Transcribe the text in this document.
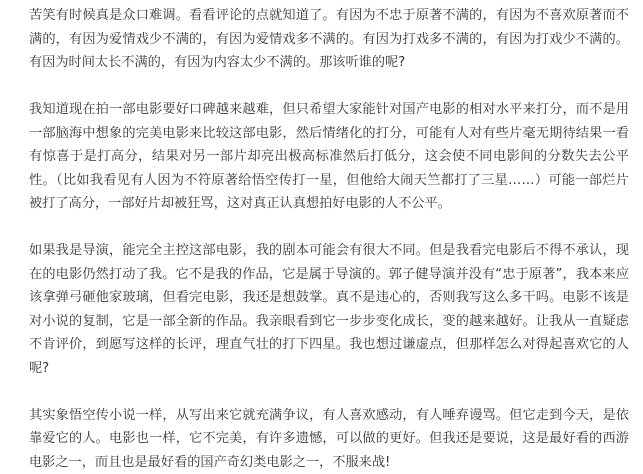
苦笑有时候真是众口难调。看看评论的点就知道了。有因为不忠于原著不满的，有因为不喜欢原著而不满的，有因为爱情戏少不满的，有因为爱情戏多不满的。有因为打戏多不满的，有因为打戏少不满的。有因为时间太长不满的，有因为内容太少不满的。那该听谁的呢?

我知道现在拍一部电影要好口碑越来越难，但只希望大家能针对国产电影的相对水平来打分，而不是用一部脑海中想象的完美电影来比较这部电影，然后情绪化的打分，可能有人对有些片毫无期待结果一看有惊喜于是打高分，结果对另一部片却亮出极高标准然后打低分，这会使不同电影间的分数失去公平性。（比如我看见有人因为不符原著给悟空传打一星，但他给大闹天竺都打了三星……）可能一部烂片被打了高分，一部好片却被狂骂，这对真正认真想拍好电影的人不公平。

如果我是导演，能完全主控这部电影，我的剧本可能会有很大不同。但是我看完电影后不得不承认，现在的电影仍然打动了我。它不是我的作品，它是属于导演的。郭子健导演并没有“忠于原著”，我本来应该拿弹弓砸他家玻璃，但看完电影，我还是想鼓掌。真不是违心的，否则我写这么多干吗。电影不该是对小说的复制，它是一部全新的作品。我亲眼看到它一步步变化成长，变的越来越好。让我从一直疑虑不肯评价，到愿写这样的长评，理直气壮的打下四星。我也想过谦虚点，但那样怎么对得起喜欢它的人呢?

其实象悟空传小说一样，从写出来它就充满争议，有人喜欢感动，有人唾弃谩骂。但它走到今天，是依靠爱它的人。电影也一样，它不完美，有许多遗憾，可以做的更好。但我还是要说，这是最好看的西游电影之一，而且也是最好看的国产奇幻类电影之一，不服来战!
